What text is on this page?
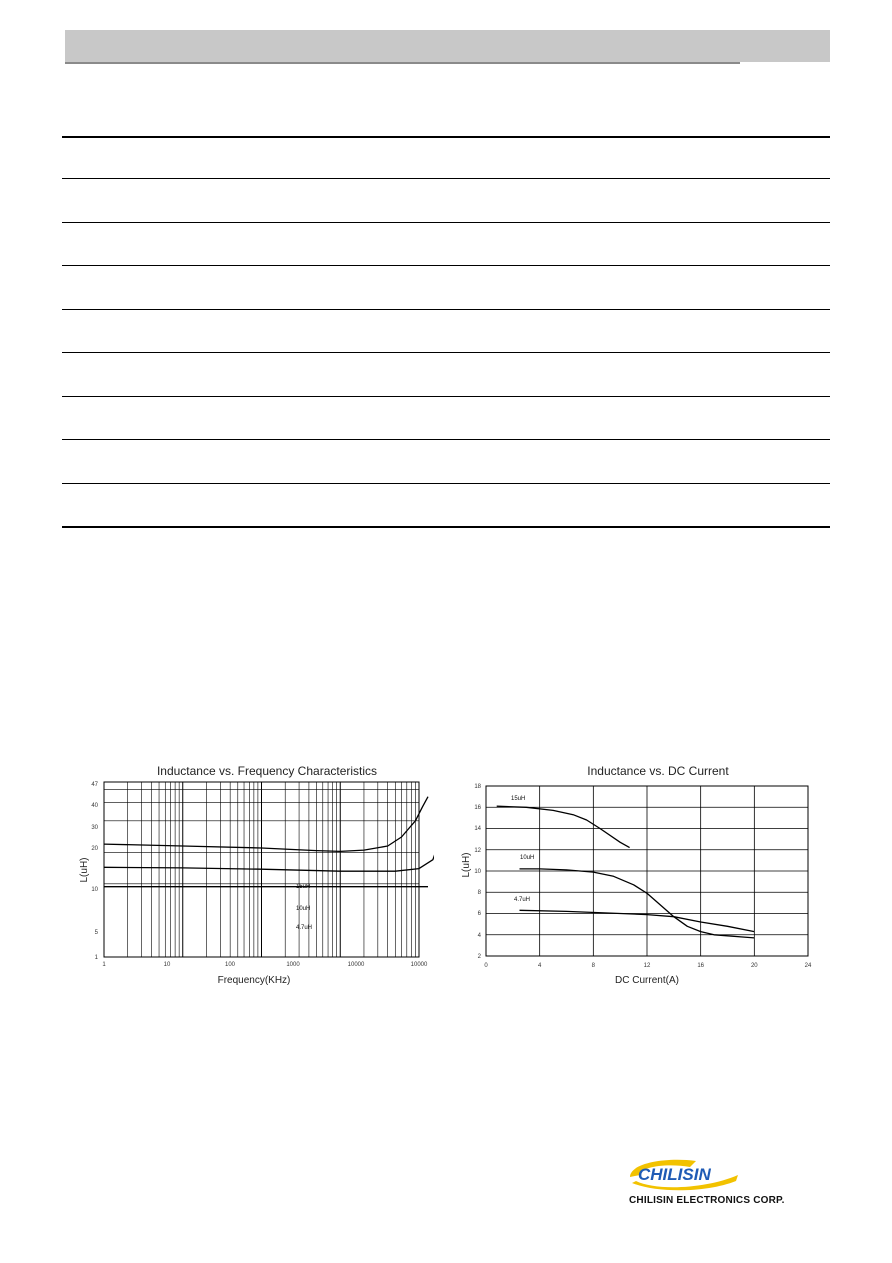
Inductance vs. Frequency Characteristics
1	10	100	1000	10000	10000
1
5
10
20
30
40
47
15uH
10uH
4.7uH
Frequency(KHz)
L(uH)
Inductance vs. DC Current
0	4	8	12	16	20	24
2
4
6
8
10
12
14
16
18
15uH
10uH
4.7uH
DC Current(A)
L(uH)
CHILISIN
CHILISIN ELECTRONICS CORP.
